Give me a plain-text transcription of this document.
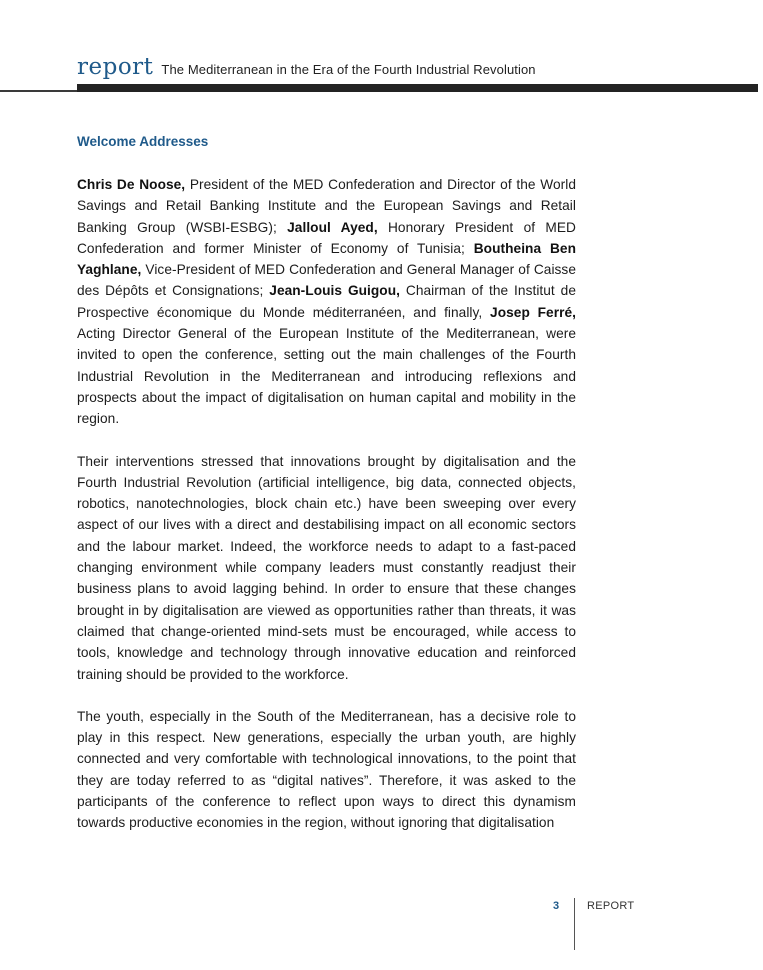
report The Mediterranean in the Era of the Fourth Industrial Revolution
Welcome Addresses

Chris De Noose, President of the MED Confederation and Director of the World Savings and Retail Banking Institute and the European Savings and Retail Banking Group (WSBI-ESBG); Jalloul Ayed, Honorary President of MED Confederation and former Minister of Economy of Tunisia; Boutheina Ben Yaghlane, Vice-President of MED Confederation and General Manager of Caisse des Dépôts et Consignations; Jean-Louis Guigou, Chairman of the Institut de Prospective économique du Monde méditerranéen, and finally, Josep Ferré, Acting Director General of the European Institute of the Mediterranean, were invited to open the conference, setting out the main challenges of the Fourth Industrial Revolution in the Mediterranean and introducing reflexions and prospects about the impact of digitalisation on human capital and mobility in the region.

Their interventions stressed that innovations brought by digitalisation and the Fourth Industrial Revolution (artificial intelligence, big data, connected objects, robotics, nanotechnologies, block chain etc.) have been sweeping over every aspect of our lives with a direct and destabilising impact on all economic sectors and the labour market. Indeed, the workforce needs to adapt to a fast-paced changing environment while company leaders must constantly readjust their business plans to avoid lagging behind. In order to ensure that these changes brought in by digitalisation are viewed as opportunities rather than threats, it was claimed that change-oriented mind-sets must be encouraged, while access to tools, knowledge and technology through innovative education and reinforced training should be provided to the workforce.

The youth, especially in the South of the Mediterranean, has a decisive role to play in this respect. New generations, especially the urban youth, are highly connected and very comfortable with technological innovations, to the point that they are today referred to as “digital natives”. Therefore, it was asked to the participants of the conference to reflect upon ways to direct this dynamism towards productive economies in the region, without ignoring that digitalisation

3	REPORT
